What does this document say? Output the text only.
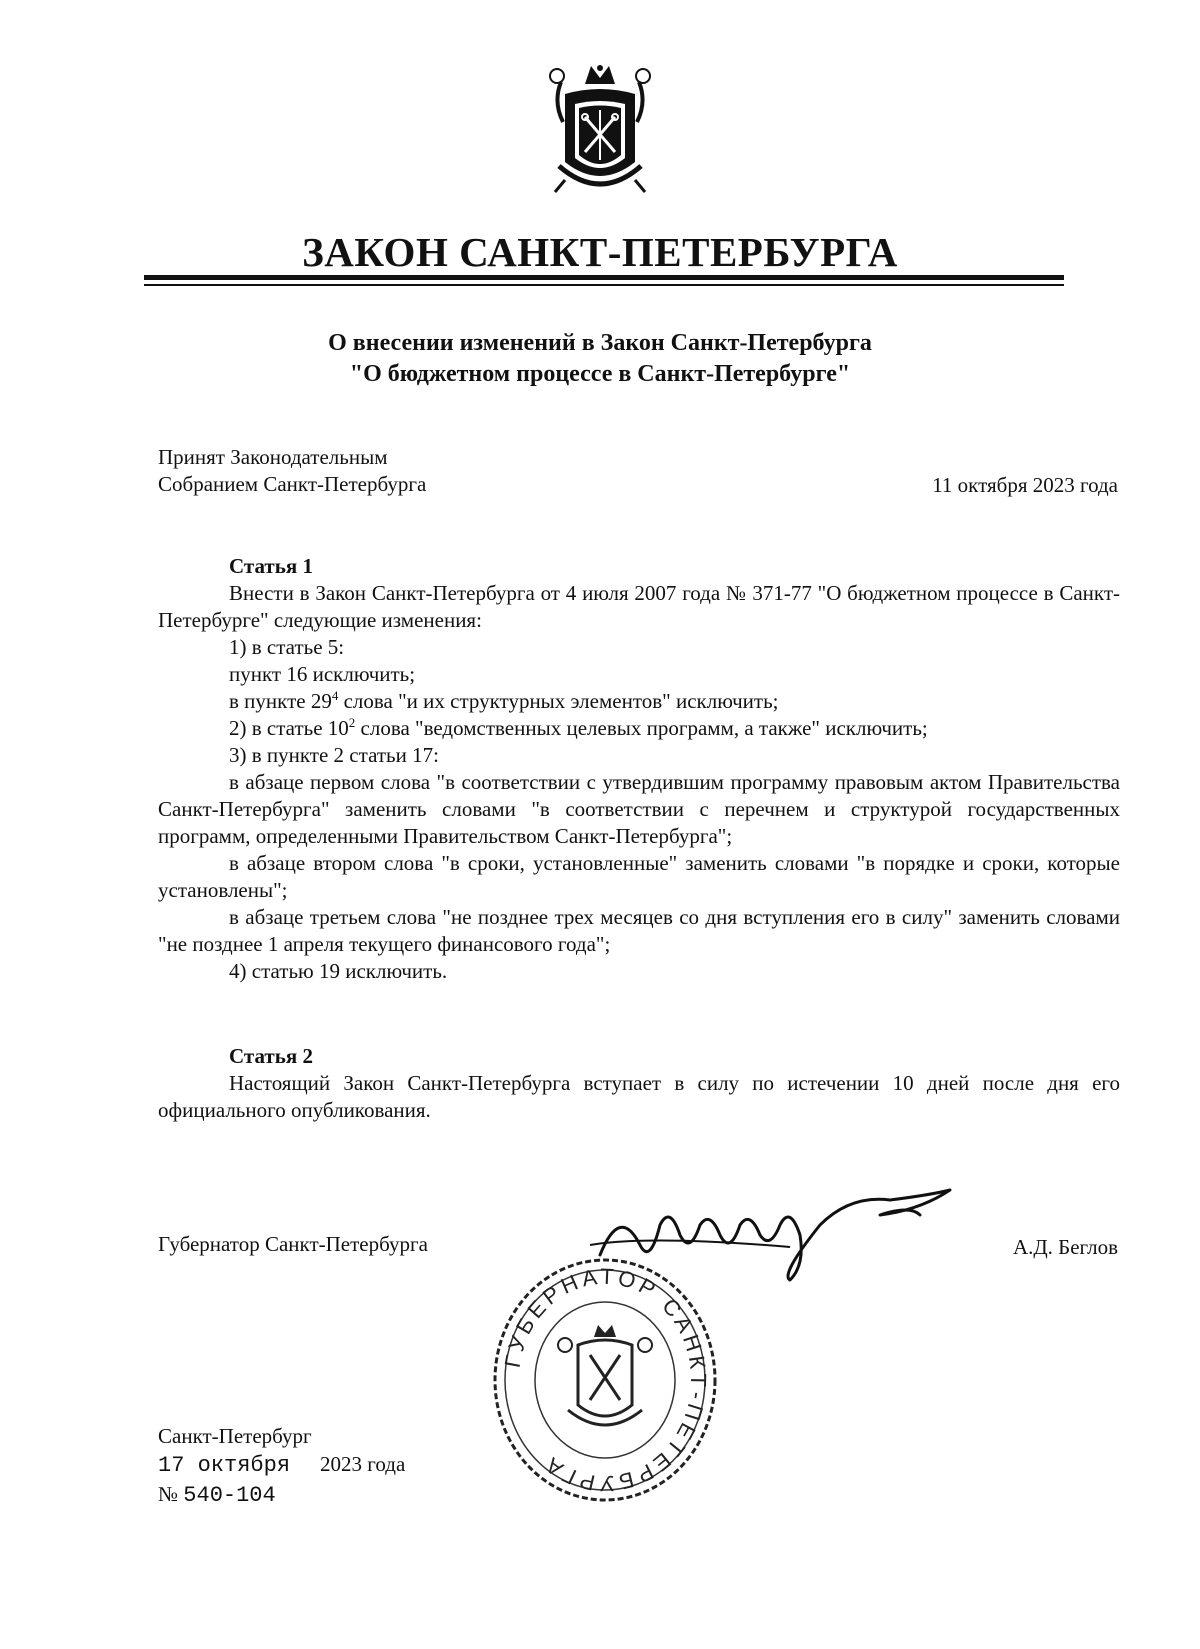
ЗАКОН САНКТ-ПЕТЕРБУРГА
О внесении изменений в Закон Санкт-Петербурга
"О бюджетном процессе в Санкт-Петербурге"
Принят Законодательным
Собранием Санкт-Петербурга	11 октября 2023 года

Статья 1

Внести в Закон Санкт-Петербурга от 4 июля 2007 года № 371-77 "О бюджетном процессе в Санкт-Петербурге" следующие изменения:

1) в статье 5:

пункт 16 исключить;

в пункте $29^4$ слова "и их структурных элементов" исключить;

2) в статье $10^2$ слова "ведомственных целевых программ, а также" исключить;

3) в пункте 2 статьи 17:

в абзаце первом слова "в соответствии с утвердившим программу правовым актом Правительства Санкт-Петербурга" заменить словами "в соответствии с перечнем и структурой государственных программ, определенными Правительством Санкт-Петербурга";

в абзаце втором слова "в сроки, установленные" заменить словами "в порядке и сроки, которые установлены";

в абзаце третьем слова "не позднее трех месяцев со дня вступления его в силу" заменить словами "не позднее 1 апреля текущего финансового года";

4) статью 19 исключить.

Статья 2

Настоящий Закон Санкт-Петербурга вступает в силу по истечении 10 дней после дня его официального опубликования.

Губернатор Санкт-Петербурга	А.Д. Беглов
ГУБЕРНАТОР САНКТ-ПЕТЕРБУРГА
Санкт-Петербург
17 октября 2023 года
№ 540-104
